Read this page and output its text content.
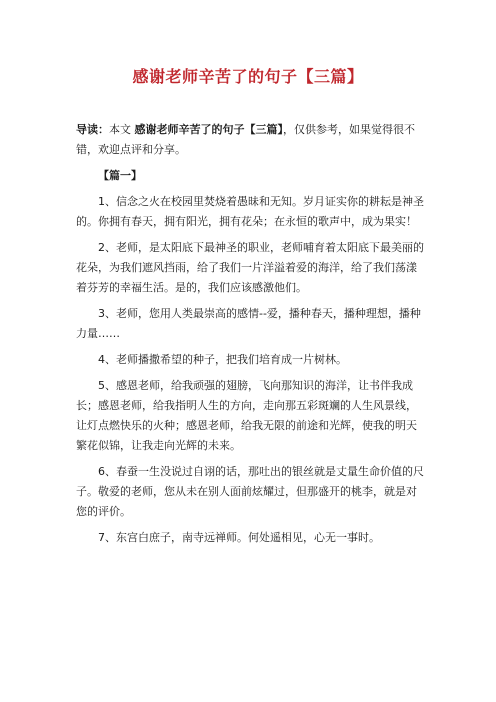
感谢老师辛苦了的句子【三篇】

导读：本文 感谢老师辛苦了的句子【三篇】，仅供参考，如果觉得很不错，欢迎点评和分享。

【篇一】

1、信念之火在校园里焚烧着愚昧和无知。岁月证实你的耕耘是神圣的。你拥有春天，拥有阳光，拥有花朵；在永恒的歌声中，成为果实！

2、老师，是太阳底下最神圣的职业，老师哺育着太阳底下最美丽的花朵，为我们遮风挡雨，给了我们一片洋溢着爱的海洋，给了我们荡漾着芬芳的幸福生活。是的，我们应该感激他们。

3、老师，您用人类最崇高的感情--爱，播种春天，播种理想，播种力量……

4、老师播撒希望的种子，把我们培育成一片树林。

5、感恩老师，给我顽强的翅膀，飞向那知识的海洋，让书伴我成长；感恩老师，给我指明人生的方向，走向那五彩斑斓的人生风景线，让灯点燃快乐的火种；感恩老师，给我无限的前途和光辉，使我的明天繁花似锦，让我走向光辉的未来。

6、春蚕一生没说过自诩的话，那吐出的银丝就是丈量生命价值的尺子。敬爱的老师，您从未在别人面前炫耀过，但那盛开的桃李，就是对您的评价。

7、东宫白庶子，南寺远禅师。何处遥相见，心无一事时。
